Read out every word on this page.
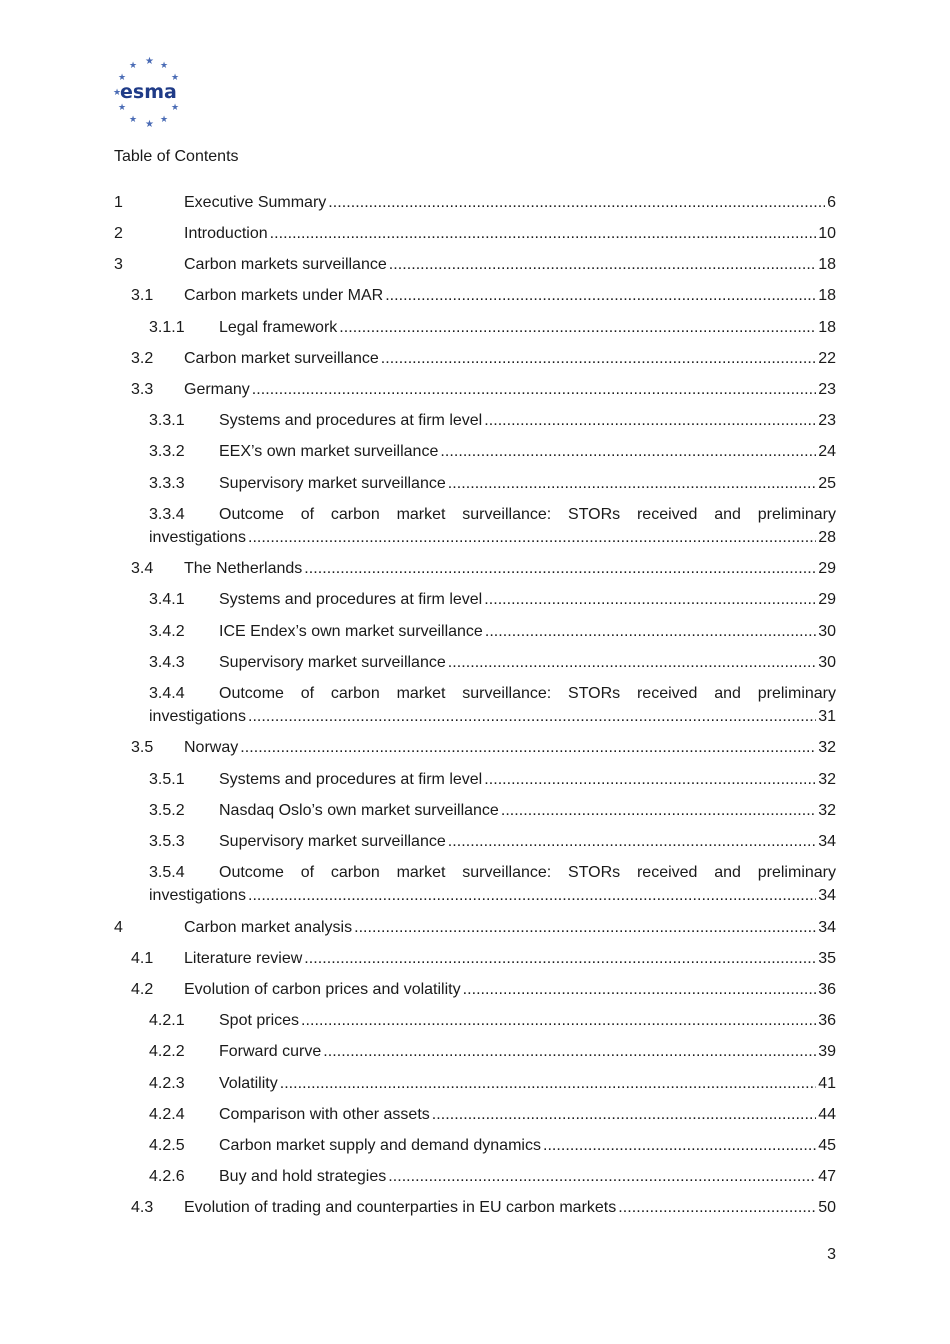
★
★	★
★	★
★
★	★
★	★
★
esma
Table of Contents
1	Executive Summary . . .	6
2	Introduction . . .	10
3	Carbon markets surveillance . . .	18
3.1	Carbon markets under MAR . . .	18
3.1.1	Legal framework . . .	18
3.2	Carbon market surveillance . . .	22
3.3	Germany . . .	23
3.3.1	Systems and procedures at firm level . . .	23
3.3.2	EEX’s own market surveillance . . .	24
3.3.3	Supervisory market surveillance . . .	25
3.3.4	Outcome of carbon market surveillance: STORs received and preliminary
investigations . . .	28
3.4	The Netherlands . . .	29
3.4.1	Systems and procedures at firm level . . .	29
3.4.2	ICE Endex’s own market surveillance . . .	30
3.4.3	Supervisory market surveillance . . .	30
3.4.4	Outcome of carbon market surveillance: STORs received and preliminary
investigations . . .	31
3.5	Norway . . .	32
3.5.1	Systems and procedures at firm level . . .	32
3.5.2	Nasdaq Oslo’s own market surveillance . . .	32
3.5.3	Supervisory market surveillance . . .	34
3.5.4	Outcome of carbon market surveillance: STORs received and preliminary
investigations . . .	34
4	Carbon market analysis . . .	34
4.1	Literature review . . .	35
4.2	Evolution of carbon prices and volatility . . .	36
4.2.1	Spot prices . . .	36
4.2.2	Forward curve . . .	39
4.2.3	Volatility . . .	41
4.2.4	Comparison with other assets . . .	44
4.2.5	Carbon market supply and demand dynamics . . .	45
4.2.6	Buy and hold strategies . . .	47
4.3	Evolution of trading and counterparties in EU carbon markets . . .	50
3
